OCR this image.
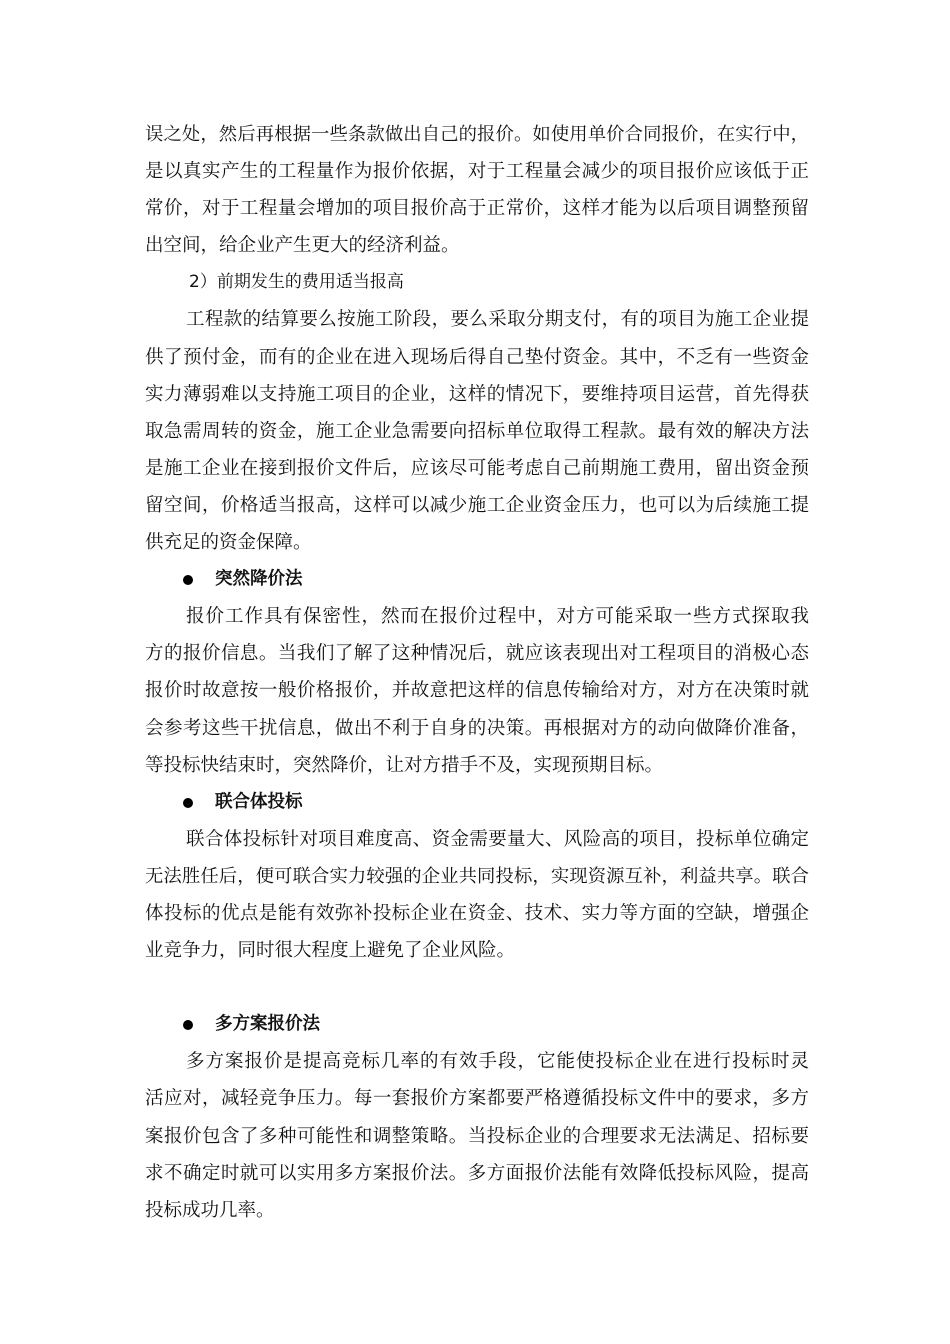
误之处，然后再根据一些条款做出自己的报价。如使用单价合同报价，在实行中，
是以真实产生的工程量作为报价依据，对于工程量会减少的项目报价应该低于正
常价，对于工程量会增加的项目报价高于正常价，这样才能为以后项目调整预留
出空间，给企业产生更大的经济利益。
2）前期发生的费用适当报高
工程款的结算要么按施工阶段，要么采取分期支付，有的项目为施工企业提
供了预付金，而有的企业在进入现场后得自己垫付资金。其中，不乏有一些资金
实力薄弱难以支持施工项目的企业，这样的情况下，要维持项目运营，首先得获
取急需周转的资金，施工企业急需要向招标单位取得工程款。最有效的解决方法
是施工企业在接到报价文件后，应该尽可能考虑自己前期施工费用，留出资金预
留空间，价格适当报高，这样可以减少施工企业资金压力，也可以为后续施工提
供充足的资金保障。
突然降价法
报价工作具有保密性，然而在报价过程中，对方可能采取一些方式探取我
方的报价信息。当我们了解了这种情况后，就应该表现出对工程项目的消极心态
报价时故意按一般价格报价，并故意把这样的信息传输给对方，对方在决策时就
会参考这些干扰信息，做出不利于自身的决策。再根据对方的动向做降价准备，
等投标快结束时，突然降价，让对方措手不及，实现预期目标。
联合体投标
联合体投标针对项目难度高、资金需要量大、风险高的项目，投标单位确定
无法胜任后，便可联合实力较强的企业共同投标，实现资源互补，利益共享。联合
体投标的优点是能有效弥补投标企业在资金、技术、实力等方面的空缺，增强企
业竞争力，同时很大程度上避免了企业风险。
多方案报价法
多方案报价是提高竞标几率的有效手段，它能使投标企业在进行投标时灵
活应对，减轻竞争压力。每一套报价方案都要严格遵循投标文件中的要求，多方
案报价包含了多种可能性和调整策略。当投标企业的合理要求无法满足、招标要
求不确定时就可以实用多方案报价法。多方面报价法能有效降低投标风险，提高
投标成功几率。
